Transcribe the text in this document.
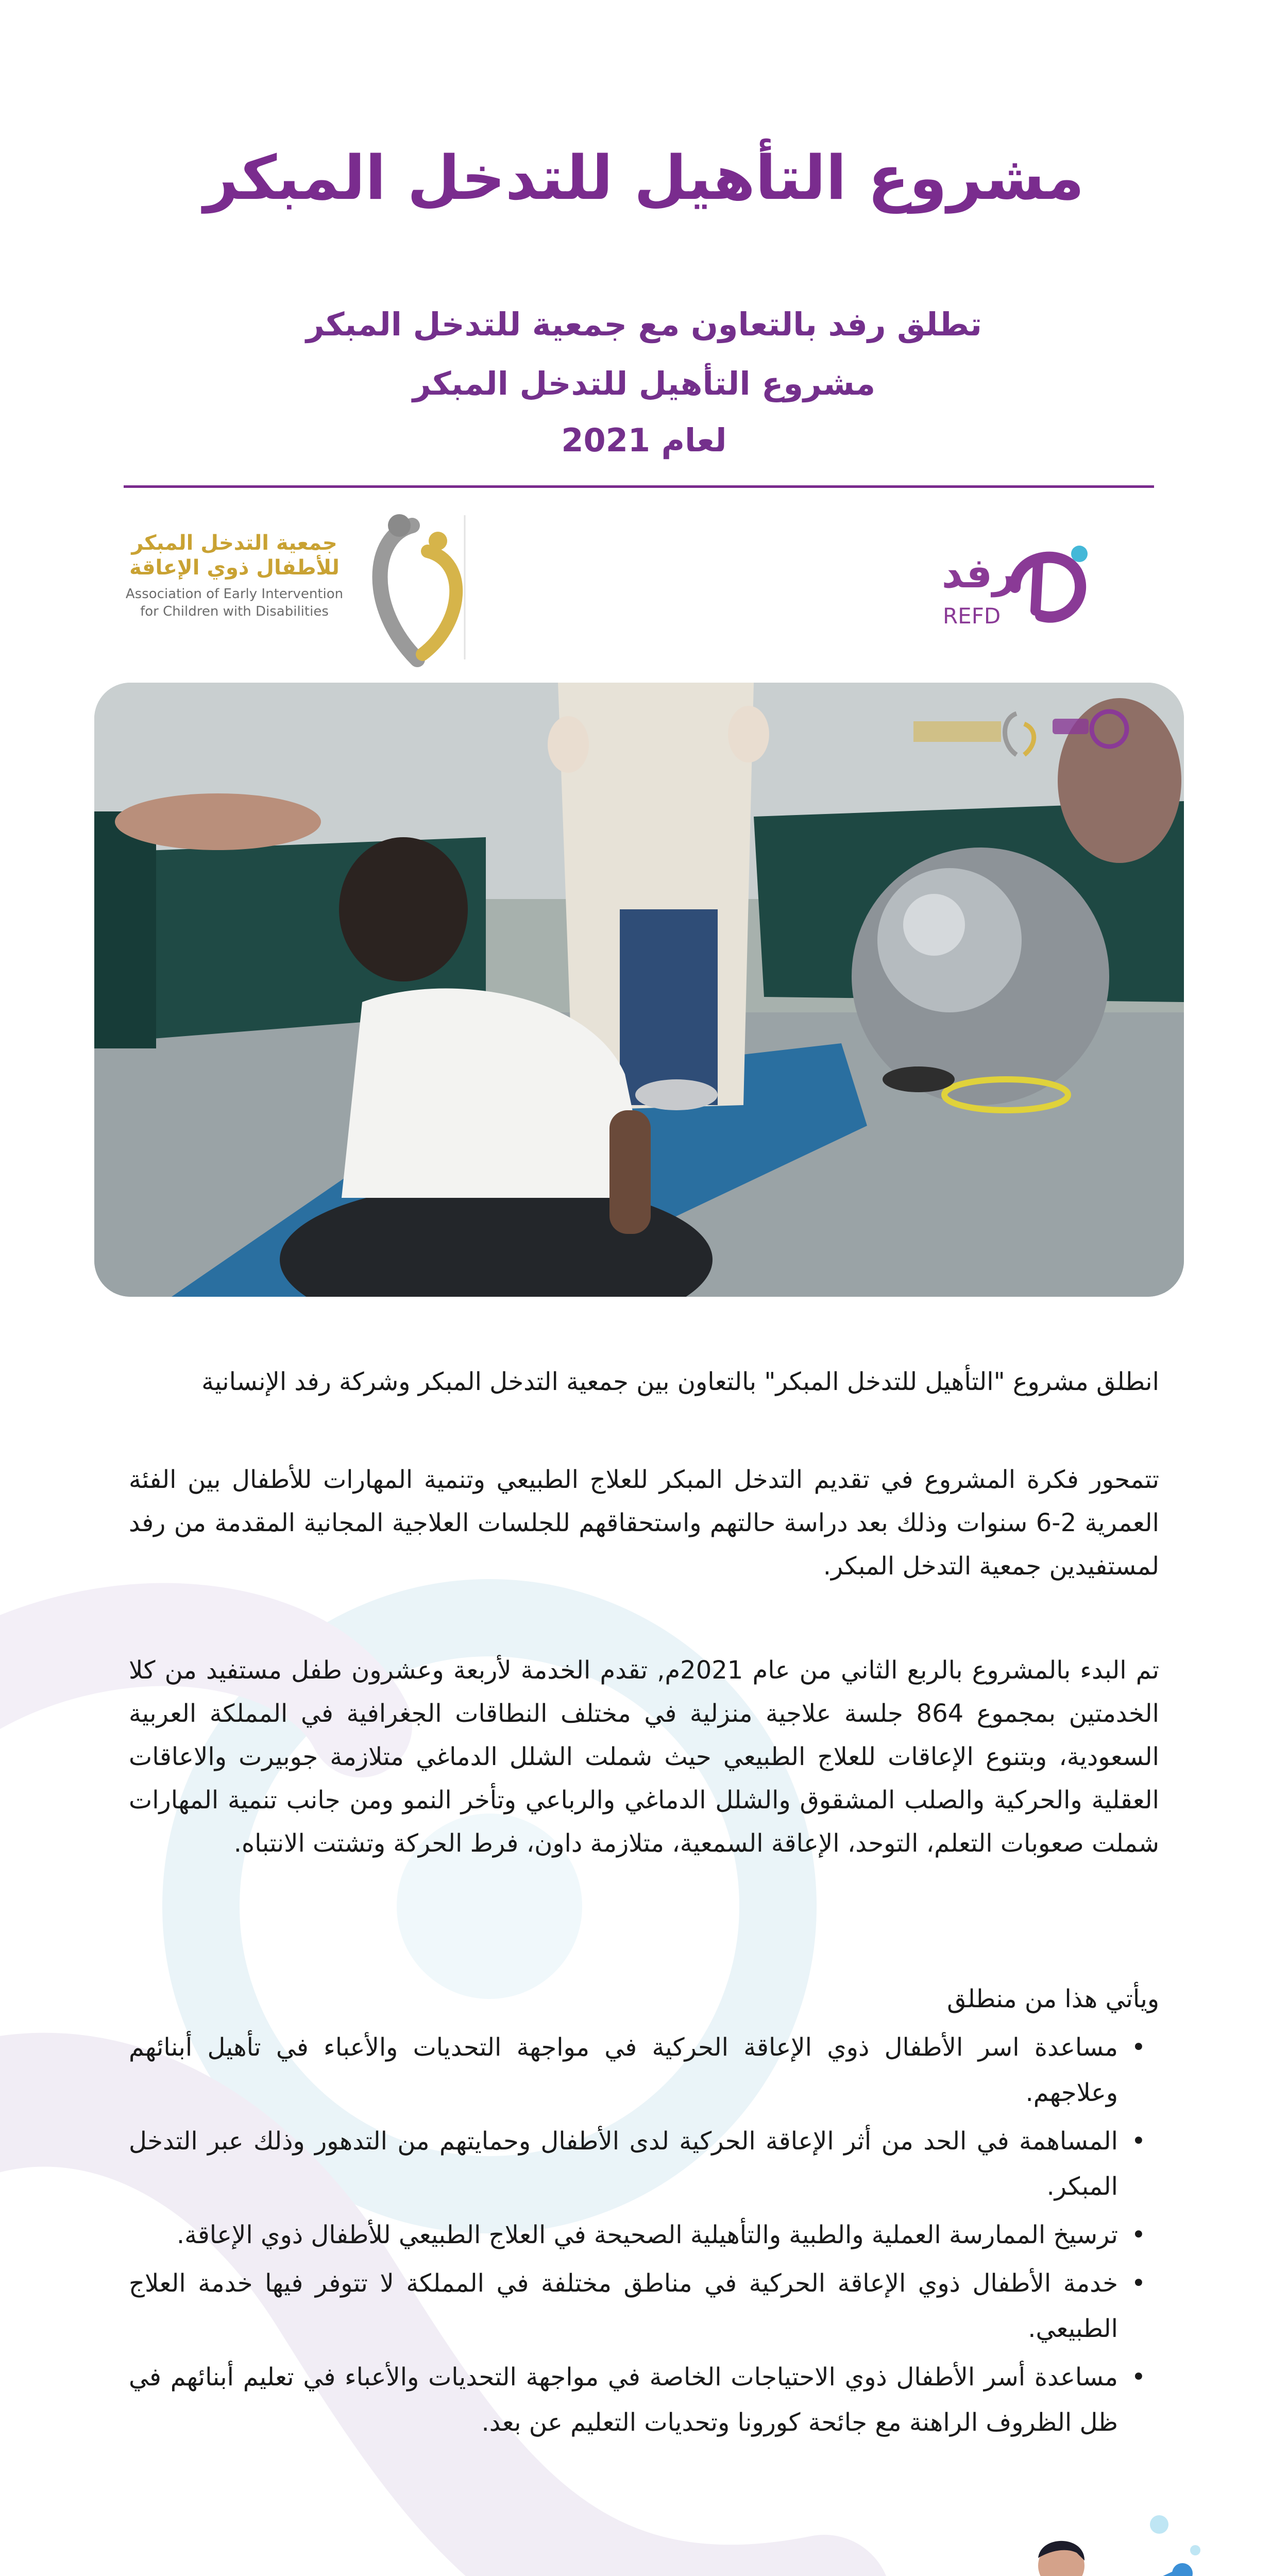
مشروع التأهيل للتدخل المبكر
تطلق رفد بالتعاون مع جمعية للتدخل المبكر
مشروع التأهيل للتدخل المبكر
لعام 2021
رفد
REFD
جمعية التدخل المبكر
للأطفال ذوي الإعاقة
Association of Early Intervention
for Children with Disabilities
انطلق مشروع "التأهيل للتدخل المبكر" بالتعاون بين جمعية التدخل المبكر وشركة رفد الإنسانية
تتمحور فكرة المشروع في تقديم التدخل المبكر للعلاج الطبيعي وتنمية المهارات للأطفال بين الفئة العمرية 2-6 سنوات وذلك بعد دراسة حالتهم واستحقاقهم للجلسات العلاجية المجانية المقدمة من رفد لمستفيدين جمعية التدخل المبكر.
تم البدء بالمشروع بالربع الثاني من عام 2021م, تقدم الخدمة لأربعة وعشرون طفل مستفيد من كلا الخدمتين بمجموع 864 جلسة علاجية منزلية في مختلف النطاقات الجغرافية في المملكة العربية السعودية، وبتنوع الإعاقات للعلاج الطبيعي حيث شملت الشلل الدماغي متلازمة جوبيرت والاعاقات العقلية والحركية والصلب المشقوق والشلل الدماغي والرباعي وتأخر النمو ومن جانب تنمية المهارات شملت صعوبات التعلم، التوحد، الإعاقة السمعية، متلازمة داون، فرط الحركة وتشتت الانتباه.
ويأتي هذا من منطلق
• مساعدة اسر الأطفال ذوي الإعاقة الحركية في مواجهة التحديات والأعباء في تأهيل أبنائهم وعلاجهم.
• المساهمة في الحد من أثر الإعاقة الحركية لدى الأطفال وحمايتهم من التدهور وذلك عبر التدخل المبكر.
• ترسيخ الممارسة العملية والطبية والتأهيلية الصحيحة في العلاج الطبيعي للأطفال ذوي الإعاقة.
• خدمة الأطفال ذوي الإعاقة الحركية في مناطق مختلفة في المملكة لا تتوفر فيها خدمة العلاج الطبيعي.
• مساعدة أسر الأطفال ذوي الاحتياجات الخاصة في مواجهة التحديات والأعباء في تعليم أبنائهم في ظل الظروف الراهنة مع جائحة كورونا وتحديات التعليم عن بعد.
